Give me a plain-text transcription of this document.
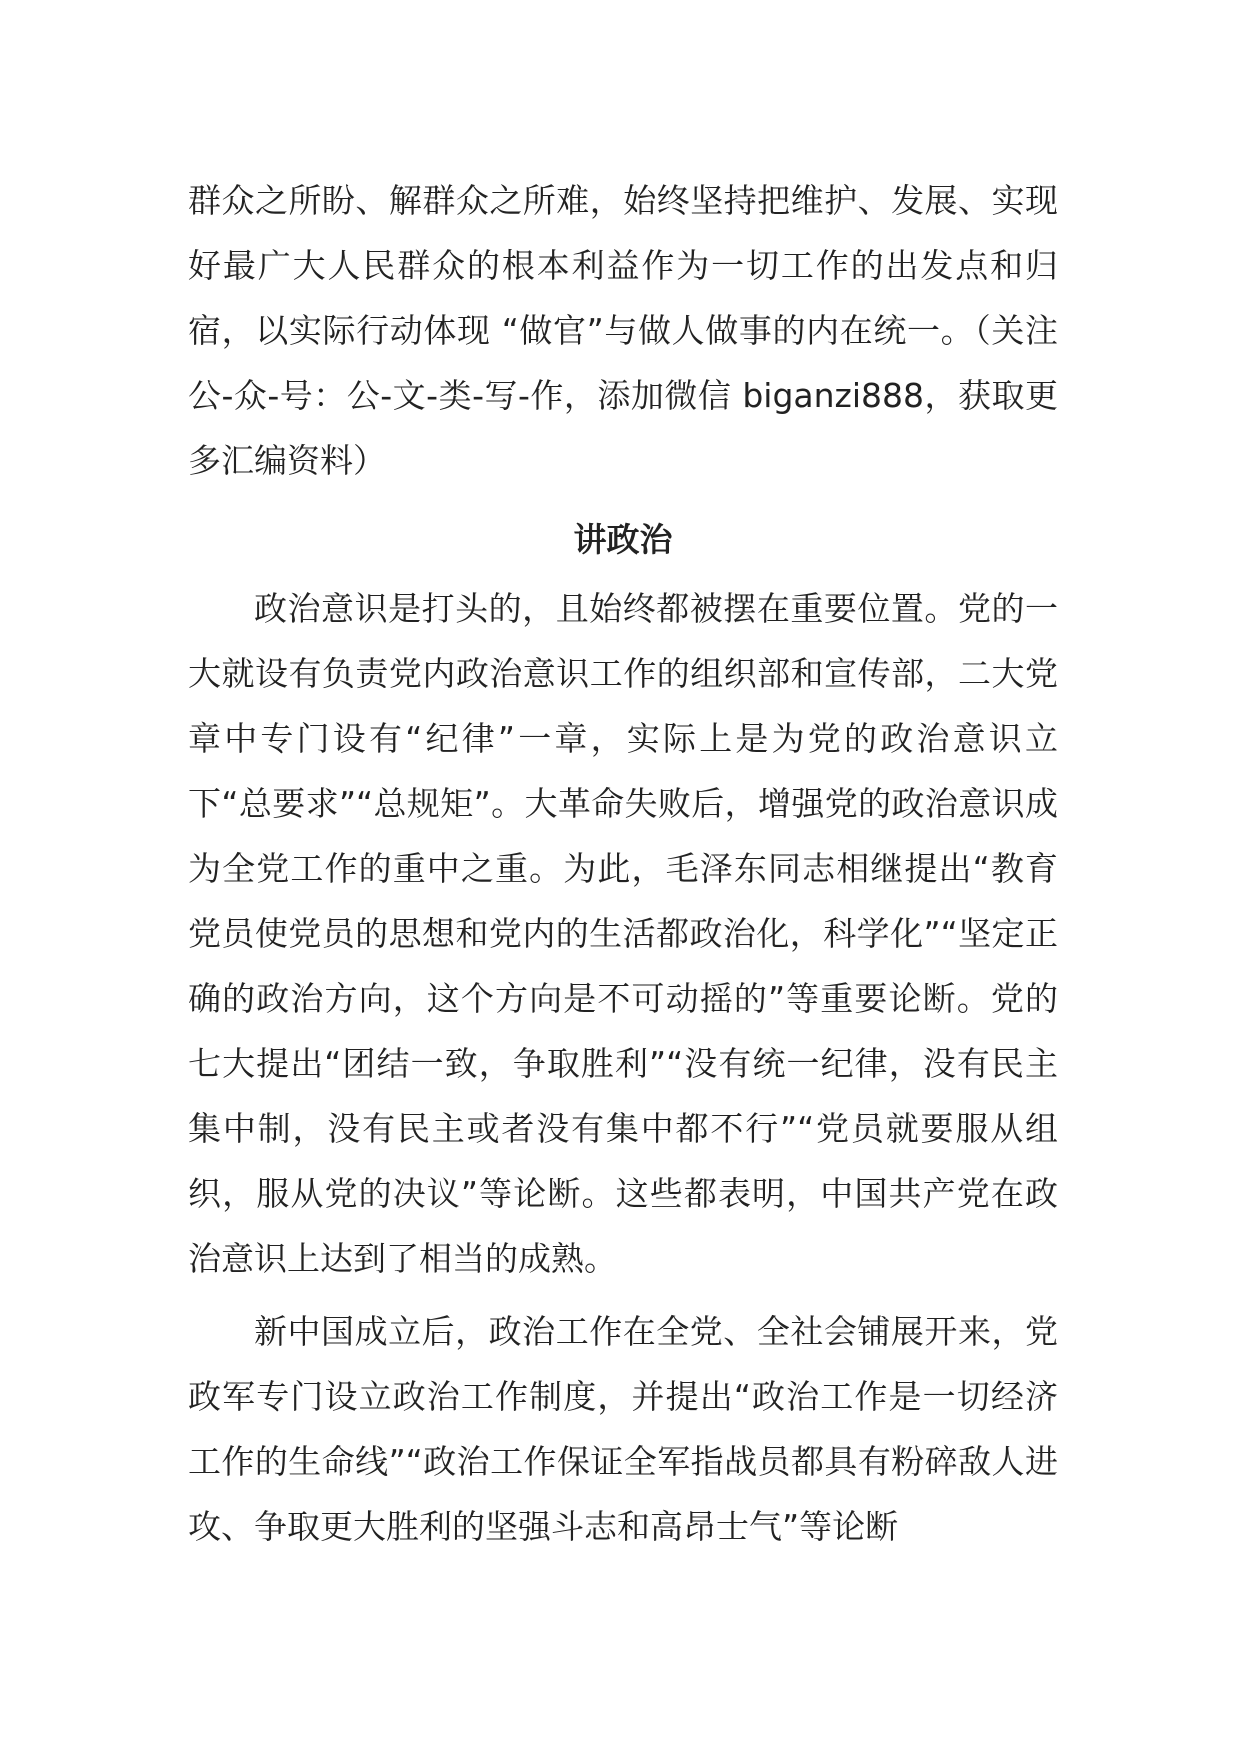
群众之所盼、解群众之所难，始终坚持把维护、发展、实现好最广大人民群众的根本利益作为一切工作的出发点和归宿，以实际行动体现 “做官”与做人做事的内在统一。（关注公-众-号：公-文-类-写-作，添加微信 biganzi888，获取更多汇编资料）

讲政治

政治意识是打头的，且始终都被摆在重要位置。党的一大就设有负责党内政治意识工作的组织部和宣传部，二大党章中专门设有“纪律”一章，实际上是为党的政治意识立下“总要求”“总规矩”。大革命失败后，增强党的政治意识成为全党工作的重中之重。为此，毛泽东同志相继提出“教育党员使党员的思想和党内的生活都政治化，科学化”“坚定正确的政治方向，这个方向是不可动摇的”等重要论断。党的七大提出“团结一致，争取胜利”“没有统一纪律，没有民主集中制，没有民主或者没有集中都不行”“党员就要服从组织，服从党的决议”等论断。这些都表明，中国共产党在政治意识上达到了相当的成熟。

新中国成立后，政治工作在全党、全社会铺展开来，党政军专门设立政治工作制度，并提出“政治工作是一切经济工作的生命线”“政治工作保证全军指战员都具有粉碎敌人进攻、争取更大胜利的坚强斗志和高昂士气”等论断
